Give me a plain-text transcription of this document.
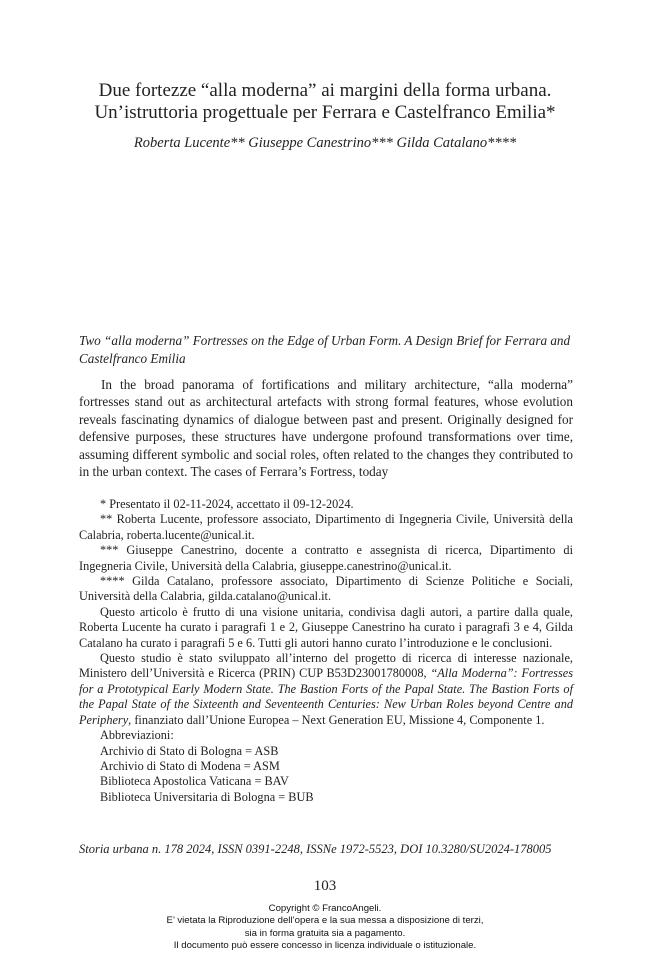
Due fortezze “alla moderna” ai margini della forma urbana.
Un’istruttoria progettuale per Ferrara e Castelfranco Emilia*
Roberta Lucente** Giuseppe Canestrino*** Gilda Catalano****
Two “alla moderna” Fortresses on the Edge of Urban Form. A Design Brief for Ferrara and Castelfranco Emilia
In the broad panorama of fortifications and military architecture, “alla moderna” fortresses stand out as architectural artefacts with strong formal features, whose evolution reveals fascinating dynamics of dialogue between past and present. Originally designed for defensive purposes, these structures have undergone profound transformations over time, assuming different symbolic and social roles, often related to the changes they contributed to in the urban context. The cases of Ferrara’s Fortress, today

* Presentato il 02-11-2024, accettato il 09-12-2024.

** Roberta Lucente, professore associato, Dipartimento di Ingegneria Civile, Università della Calabria, roberta.lucente@unical.it.

*** Giuseppe Canestrino, docente a contratto e assegnista di ricerca, Dipartimento di Ingegneria Civile, Università della Calabria, giuseppe.canestrino@unical.it.

**** Gilda Catalano, professore associato, Dipartimento di Scienze Politiche e Sociali, Università della Calabria, gilda.catalano@unical.it.

Questo articolo è frutto di una visione unitaria, condivisa dagli autori, a partire dalla quale, Roberta Lucente ha curato i paragrafi 1 e 2, Giuseppe Canestrino ha curato i paragrafi 3 e 4, Gilda Catalano ha curato i paragrafi 5 e 6. Tutti gli autori hanno curato l’introduzione e le conclusioni.

Questo studio è stato sviluppato all’interno del progetto di ricerca di interesse nazionale, Ministero dell’Università e Ricerca (PRIN) CUP B53D23001780008, “Alla Moderna”: Fortresses for a Prototypical Early Modern State. The Bastion Forts of the Papal State. The Bastion Forts of the Papal State of the Sixteenth and Seventeenth Centuries: New Urban Roles beyond Centre and Periphery, finanziato dall’Unione Europea – Next Generation EU, Missione 4, Componente 1.

Abbreviazioni:

Archivio di Stato di Bologna = ASB

Archivio di Stato di Modena = ASM

Biblioteca Apostolica Vaticana = BAV

Biblioteca Universitaria di Bologna = BUB

Storia urbana n. 178 2024, ISSN 0391-2248, ISSNe 1972-5523, DOI 10.3280/SU2024-178005
103
Copyright © FrancoAngeli.
E’ vietata la Riproduzione dell’opera e la sua messa a disposizione di terzi,
sia in forma gratuita sia a pagamento.
Il documento può essere concesso in licenza individuale o istituzionale.
